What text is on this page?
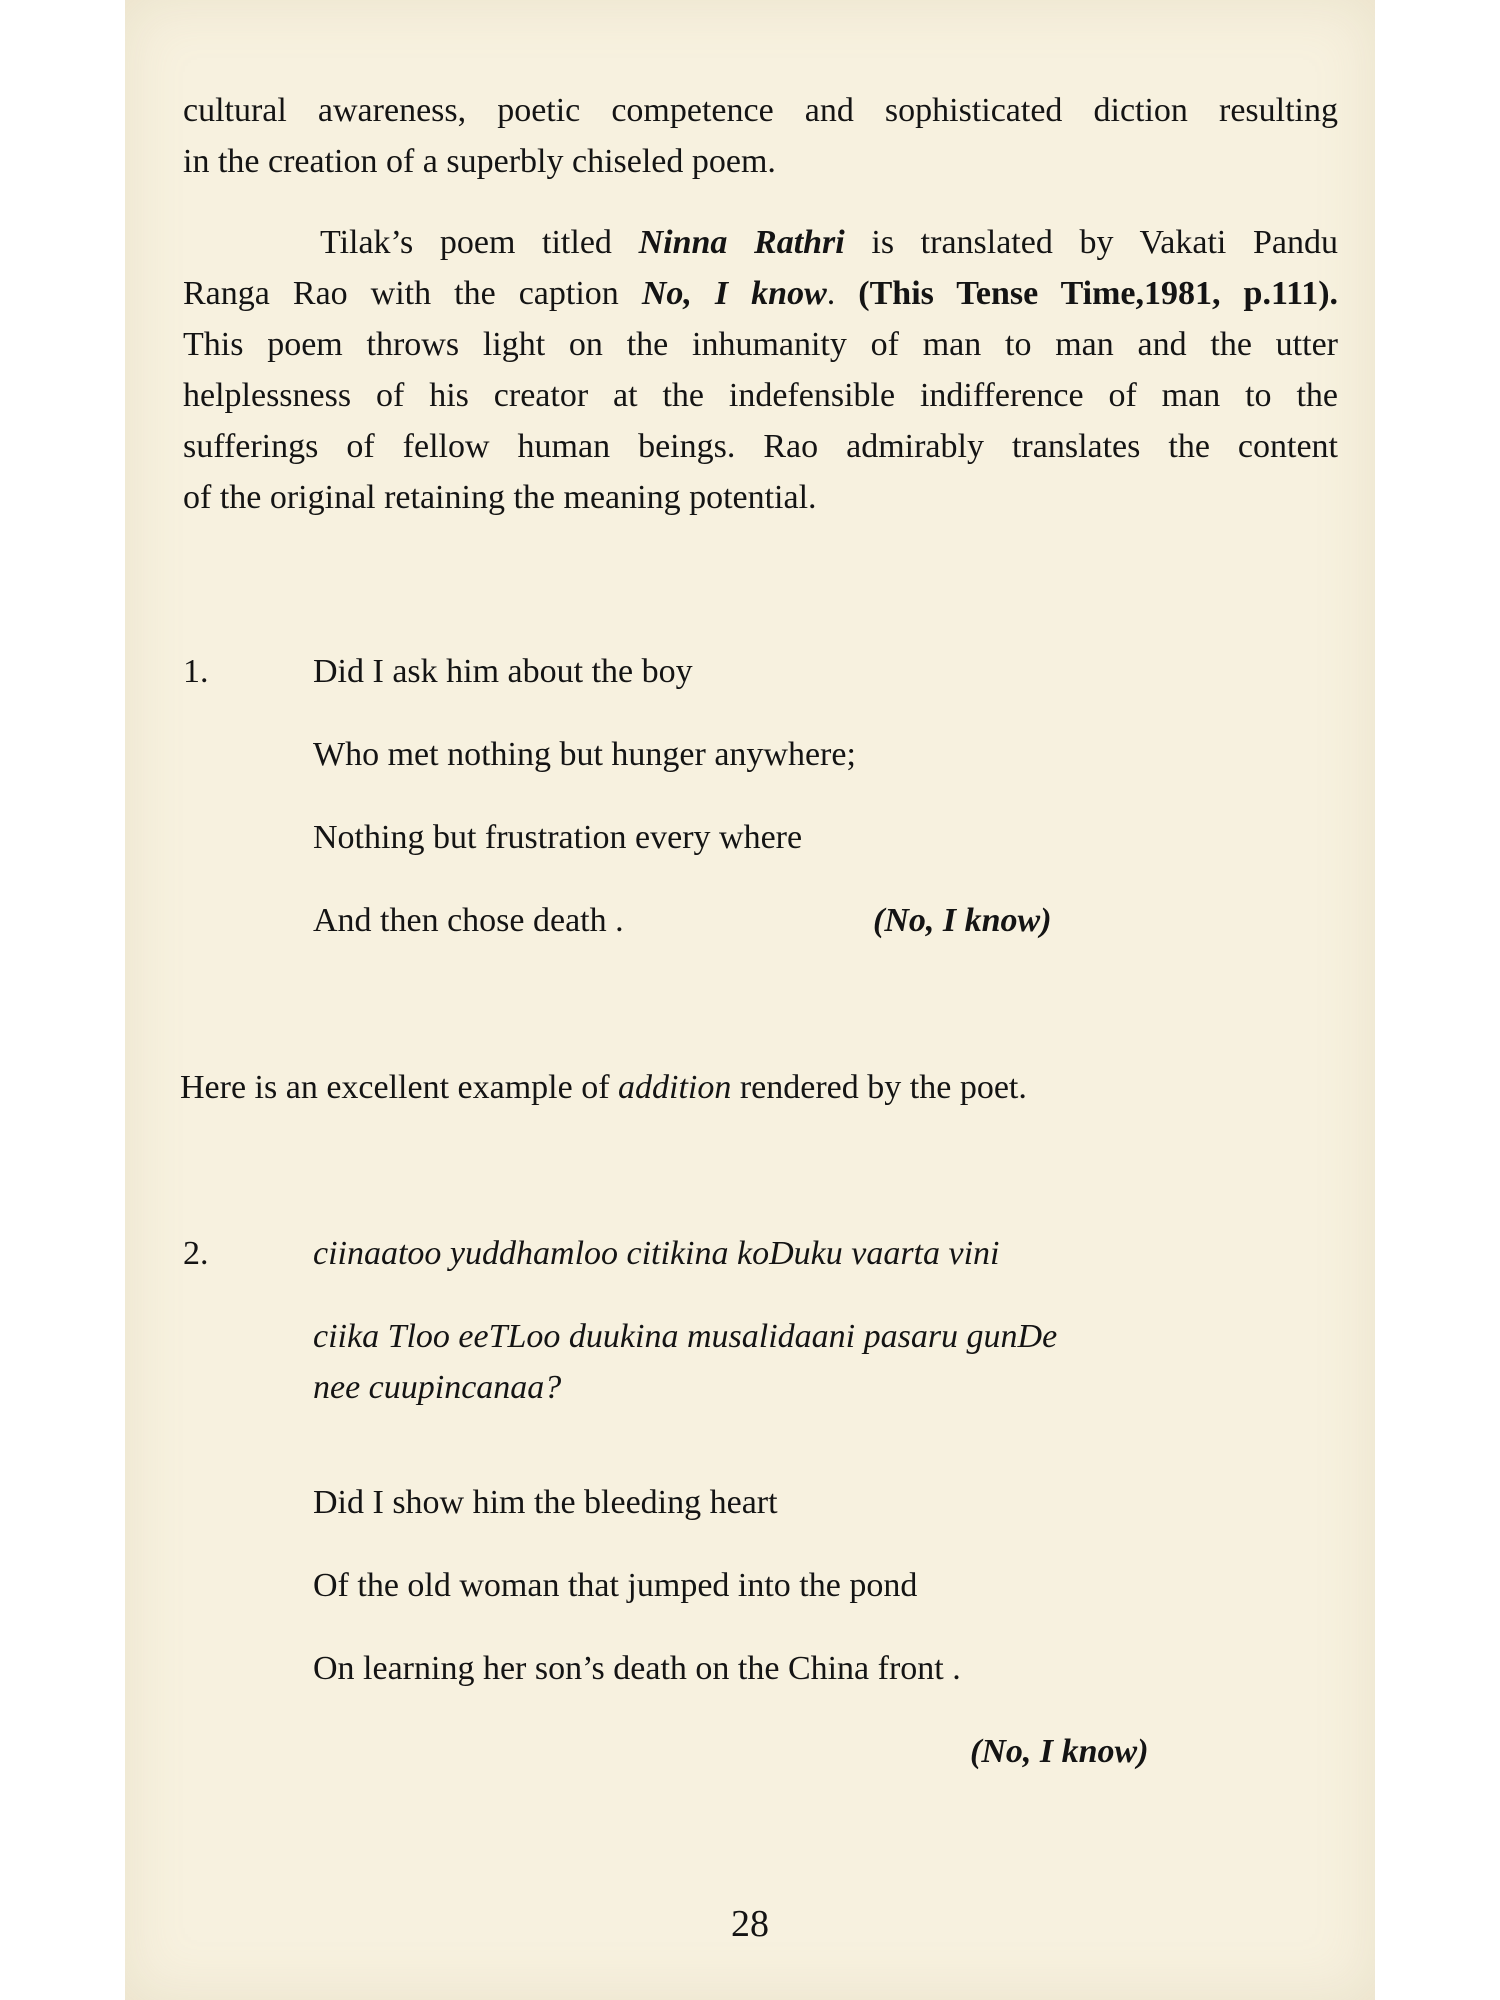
cultural awareness, poetic competence and sophisticated diction resulting
in the creation of a superbly chiseled poem.
Tilak’s poem titled Ninna Rathri is translated by Vakati Pandu
Ranga Rao with the caption No, I know. (This Tense Time,1981, p.111).
This poem throws light on the inhumanity of man to man and the utter
helplessness of his creator at the indefensible indifference of man to the
sufferings of fellow human beings. Rao admirably translates the content
of the original retaining the meaning potential.
1.	Did I ask him about the boy
Who met nothing but hunger anywhere;
Nothing but frustration every where
And then chose death .	(No, I know)
Here is an excellent example of addition rendered by the poet.
2.	ciinaatoo yuddhamloo citikina koDuku vaarta vini
ciika Tloo eeTLoo duukina musalidaani pasaru gunDe
nee cuupincanaa?
Did I show him the bleeding heart
Of the old woman that jumped into the pond
On learning her son’s death on the China front .
(No, I know)
28
